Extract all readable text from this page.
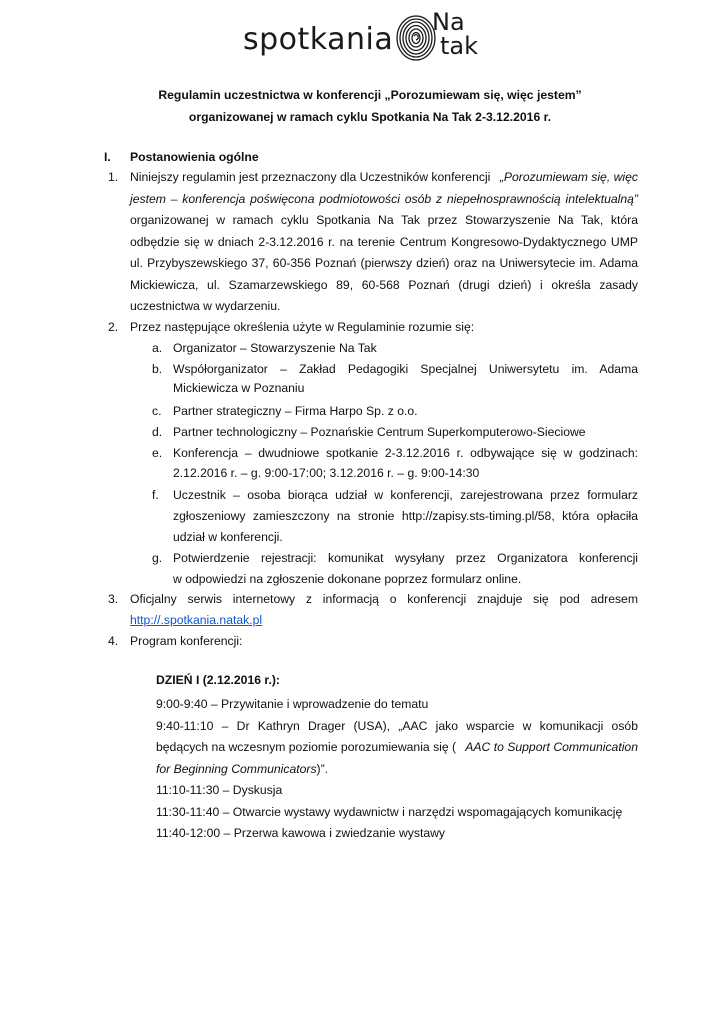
spotkania Na
tak
Regulamin uczestnictwa w konferencji „Porozumiewam się, więc jestem”
organizowanej w ramach cyklu Spotkania Na Tak 2-3.12.2016 r.
I. Postanowienia ogólne
1. Niniejszy regulamin jest przeznaczony dla Uczestników konferencji „Porozumiewam się, więc
jestem – konferencja poświęcona podmiotowości osób z niepełnosprawnością intelektualną”
organizowanej w ramach cyklu Spotkania Na Tak przez Stowarzyszenie Na Tak, która
odbędzie się w dniach 2-3.12.2016 r. na terenie Centrum Kongresowo-Dydaktycznego UMP
ul. Przybyszewskiego 37, 60-356 Poznań (pierwszy dzień) oraz na Uniwersytecie im. Adama
Mickiewicza, ul. Szamarzewskiego 89, 60-568 Poznań (drugi dzień) i określa zasady
uczestnictwa w wydarzeniu.
2. Przez następujące określenia użyte w Regulaminie rozumie się:
a. Organizator – Stowarzyszenie Na Tak
b. Współorganizator – Zakład Pedagogiki Specjalnej Uniwersytetu im. Adama
Mickiewicza w Poznaniu
c. Partner strategiczny – Firma Harpo Sp. z o.o.
d. Partner technologiczny – Poznańskie Centrum Superkomputerowo-Sieciowe
e. Konferencja – dwudniowe spotkanie 2-3.12.2016 r. odbywające się w godzinach:
2.12.2016 r. – g. 9:00-17:00; 3.12.2016 r. – g. 9:00-14:30
f. Uczestnik – osoba biorąca udział w konferencji, zarejestrowana przez formularz
zgłoszeniowy zamieszczony na stronie http://zapisy.sts-timing.pl/58, która opłaciła
udział w konferencji.
g. Potwierdzenie rejestracji: komunikat wysyłany przez Organizatora konferencji
w odpowiedzi na zgłoszenie dokonane poprzez formularz online.
3. Oficjalny serwis internetowy z informacją o konferencji znajduje się pod adresem
http://.spotkania.natak.pl
4. Program konferencji:
DZIEŃ I (2.12.2016 r.):
9:00-9:40 – Przywitanie i wprowadzenie do tematu
9:40-11:10 – Dr Kathryn Drager (USA), „AAC jako wsparcie w komunikacji osób
będących na wczesnym poziomie porozumiewania się ( AAC to Support Communication
for Beginning Communicators)”.
11:10-11:30 – Dyskusja
11:30-11:40 – Otwarcie wystawy wydawnictw i narzędzi wspomagających komunikację
11:40-12:00 – Przerwa kawowa i zwiedzanie wystawy
